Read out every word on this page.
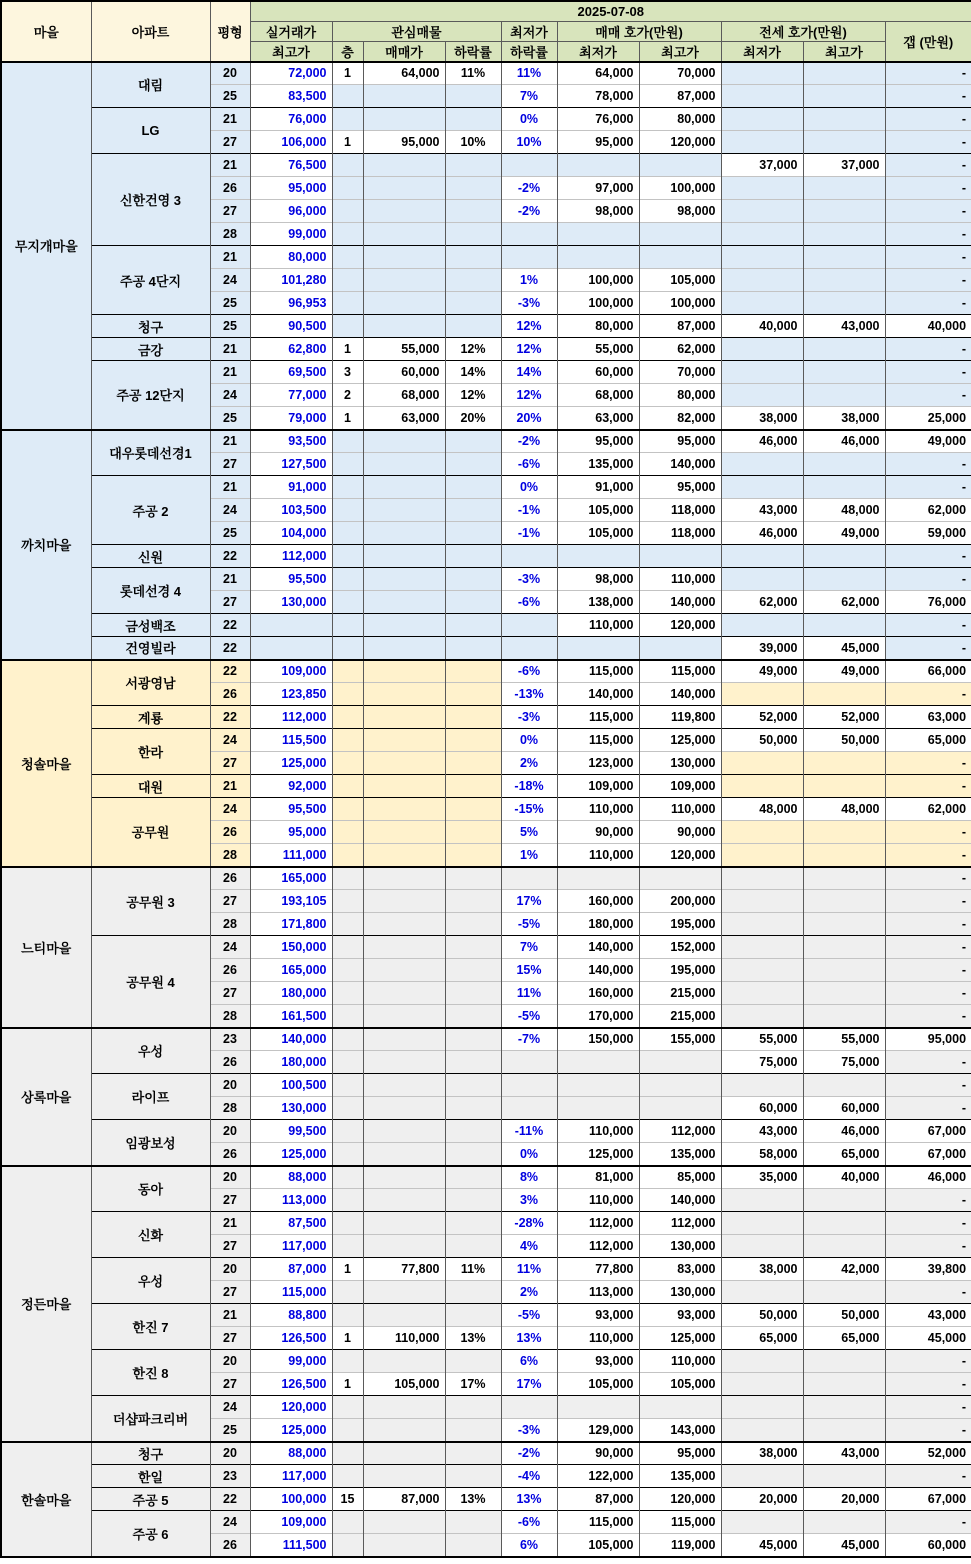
마을	아파트	평형	2025-07-08									
			실거래가	관심매물			최저가	매매 호가(만원)		전세 호가(만원)		갭 (만원)
			최고가	층	매매가	하락률	하락률	최저가	최고가	최저가	최고가	
무지개마을	대림	20	72,000	1	64,000	11%	11%	64,000	70,000			-
		25	83,500				7%	78,000	87,000			-
	LG	21	76,000				0%	76,000	80,000			-
		27	106,000	1	95,000	10%	10%	95,000	120,000			-
	신한건영 3	21	76,500							37,000	37,000	-
		26	95,000				-2%	97,000	100,000			-
		27	96,000				-2%	98,000	98,000			-
		28	99,000									-
	주공 4단지	21	80,000									-
		24	101,280				1%	100,000	105,000			-
		25	96,953				-3%	100,000	100,000			-
	청구	25	90,500				12%	80,000	87,000	40,000	43,000	40,000
	금강	21	62,800	1	55,000	12%	12%	55,000	62,000			-
	주공 12단지	21	69,500	3	60,000	14%	14%	60,000	70,000			-
		24	77,000	2	68,000	12%	12%	68,000	80,000			-
		25	79,000	1	63,000	20%	20%	63,000	82,000	38,000	38,000	25,000
까치마을	대우롯데선경1	21	93,500				-2%	95,000	95,000	46,000	46,000	49,000
		27	127,500				-6%	135,000	140,000			-
	주공 2	21	91,000				0%	91,000	95,000			-
		24	103,500				-1%	105,000	118,000	43,000	48,000	62,000
		25	104,000				-1%	105,000	118,000	46,000	49,000	59,000
	신원	22	112,000									-
	롯데선경 4	21	95,500				-3%	98,000	110,000			-
		27	130,000				-6%	138,000	140,000	62,000	62,000	76,000
	금성백조	22						110,000	120,000			-
	건영빌라	22								39,000	45,000	-
청솔마을	서광영남	22	109,000				-6%	115,000	115,000	49,000	49,000	66,000
		26	123,850				-13%	140,000	140,000			-
	계룡	22	112,000				-3%	115,000	119,800	52,000	52,000	63,000
	한라	24	115,500				0%	115,000	125,000	50,000	50,000	65,000
		27	125,000				2%	123,000	130,000			-
	대원	21	92,000				-18%	109,000	109,000			-
	공무원	24	95,500				-15%	110,000	110,000	48,000	48,000	62,000
		26	95,000				5%	90,000	90,000			-
		28	111,000				1%	110,000	120,000			-
느티마을	공무원 3	26	165,000									-
		27	193,105				17%	160,000	200,000			-
		28	171,800				-5%	180,000	195,000			-
	공무원 4	24	150,000				7%	140,000	152,000			-
		26	165,000				15%	140,000	195,000			-
		27	180,000				11%	160,000	215,000			-
		28	161,500				-5%	170,000	215,000			-
상록마을	우성	23	140,000				-7%	150,000	155,000	55,000	55,000	95,000
		26	180,000							75,000	75,000	-
	라이프	20	100,500									-
		28	130,000							60,000	60,000	-
	임광보성	20	99,500				-11%	110,000	112,000	43,000	46,000	67,000
		26	125,000				0%	125,000	135,000	58,000	65,000	67,000
정든마을	동아	20	88,000				8%	81,000	85,000	35,000	40,000	46,000
		27	113,000				3%	110,000	140,000			-
	신화	21	87,500				-28%	112,000	112,000			-
		27	117,000				4%	112,000	130,000			-
	우성	20	87,000	1	77,800	11%	11%	77,800	83,000	38,000	42,000	39,800
		27	115,000				2%	113,000	130,000			-
	한진 7	21	88,800				-5%	93,000	93,000	50,000	50,000	43,000
		27	126,500	1	110,000	13%	13%	110,000	125,000	65,000	65,000	45,000
	한진 8	20	99,000				6%	93,000	110,000			-
		27	126,500	1	105,000	17%	17%	105,000	105,000			-
	더샵파크리버	24	120,000									-
		25	125,000				-3%	129,000	143,000			-
한솔마을	청구	20	88,000				-2%	90,000	95,000	38,000	43,000	52,000
	한일	23	117,000				-4%	122,000	135,000			-
	주공 5	22	100,000	15	87,000	13%	13%	87,000	120,000	20,000	20,000	67,000
	주공 6	24	109,000				-6%	115,000	115,000			-
		26	111,500				6%	105,000	119,000	45,000	45,000	60,000
